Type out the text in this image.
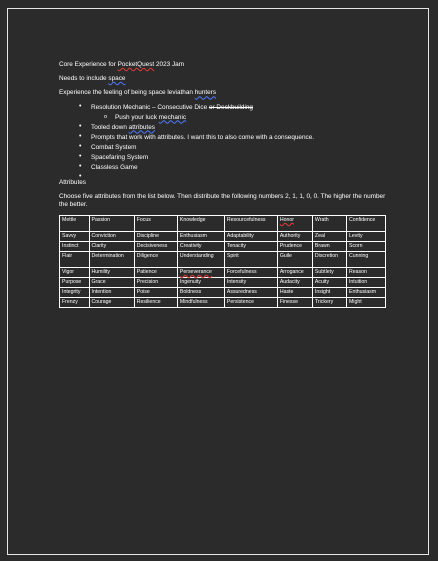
Core Experience for PocketQuest 2023 Jam

Needs to include space

Experience the feeling of being space leviathan hunters

• Resolution Mechanic – Consecutive Dice or Deckbuilding
o Push your luck mechanic
• Tooled down attributes
• Prompts that work with attributes. I want this to also come with a consequence.
• Combat System
• Spacefaring System
• Classless Game

Attributes

Choose five attributes from the list below. Then distribute the following numbers 2, 1, 1, 0, 0. The higher the number the better.

Mettle	Passion	Focus	Knowledge	Resourcefulness	Honor	Wrath	Confidence
Savvy	Conviction	Discipline	Enthusiasm	Adaptability	Authority	Zeal	Levity
Instinct	Clarity	Decisiveness	Creativity	Tenacity	Prudence	Brawn	Scorn
Flair	Determination	Diligence	Understanding	Spirit	Guile	Discretion	Cunning
Vigor	Humility	Patience	Perseverance	Forcefulness	Arrogance	Subtlety	Reason
Purpose	Grace	Precision	Ingenuity	Intensity	Audacity	Acuity	Intuition
Integrity	Intention	Poise	Boldness	Assuredness	Haste	Insight	Enthusiasm
Frenzy	Courage	Resilience	Mindfulness	Persistence	Finesse	Trickery	Might
